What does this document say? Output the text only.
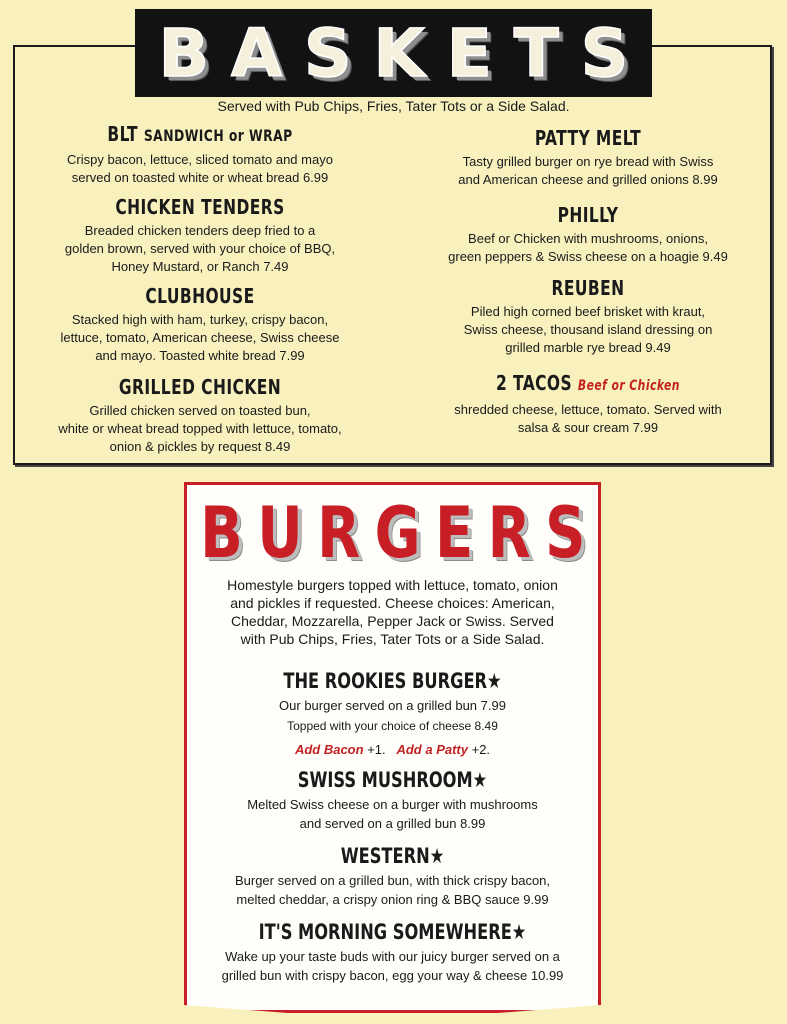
BASKETS
Served with Pub Chips, Fries, Tater Tots or a Side Salad.
BLT SANDWICH or WRAP
Crispy bacon, lettuce, sliced tomato and mayo
served on toasted white or wheat bread 6.99
CHICKEN TENDERS
Breaded chicken tenders deep fried to a
golden brown, served with your choice of BBQ,
Honey Mustard, or Ranch 7.49
CLUBHOUSE
Stacked high with ham, turkey, crispy bacon,
lettuce, tomato, American cheese, Swiss cheese
and mayo. Toasted white bread 7.99
GRILLED CHICKEN
Grilled chicken served on toasted bun,
white or wheat bread topped with lettuce, tomato,
onion & pickles by request 8.49
PATTY MELT
Tasty grilled burger on rye bread with Swiss
and American cheese and grilled onions 8.99
PHILLY
Beef or Chicken with mushrooms, onions,
green peppers & Swiss cheese on a hoagie 9.49
REUBEN
Piled high corned beef brisket with kraut,
Swiss cheese, thousand island dressing on
grilled marble rye bread 9.49
2 TACOS Beef or Chicken
shredded cheese, lettuce, tomato. Served with
salsa & sour cream 7.99
BURGERS
Homestyle burgers topped with lettuce, tomato, onion
and pickles if requested. Cheese choices: American,
Cheddar, Mozzarella, Pepper Jack or Swiss. Served
with Pub Chips, Fries, Tater Tots or a Side Salad.
THE ROOKIES BURGER★
Our burger served on a grilled bun 7.99
Topped with your choice of cheese 8.49
Add Bacon +1.   Add a Patty +2.
SWISS MUSHROOM★
Melted Swiss cheese on a burger with mushrooms
and served on a grilled bun 8.99
WESTERN★
Burger served on a grilled bun, with thick crispy bacon,
melted cheddar, a crispy onion ring & BBQ sauce 9.99
IT'S MORNING SOMEWHERE★
Wake up your taste buds with our juicy burger served on a
grilled bun with crispy bacon, egg your way & cheese 10.99
